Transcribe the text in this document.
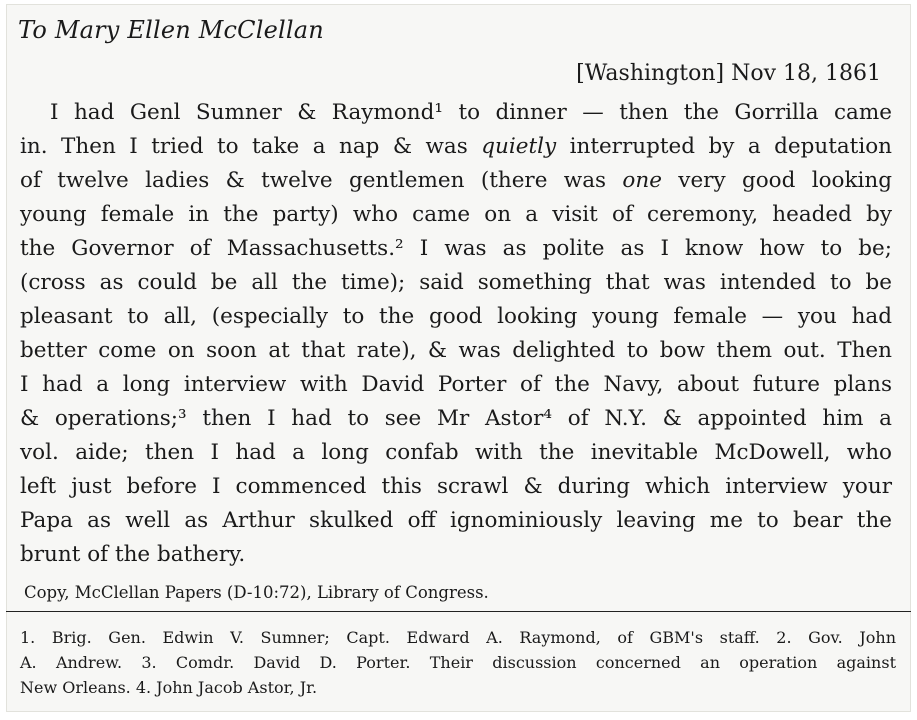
To Mary Ellen McClellan
[Washington] Nov 18, 1861
I had Genl Sumner & Raymond¹ to dinner — then the Gorrilla came
in. Then I tried to take a nap & was quietly interrupted by a deputation
of twelve ladies & twelve gentlemen (there was one very good looking
young female in the party) who came on a visit of ceremony, headed by
the Governor of Massachusetts.² I was as polite as I know how to be;
(cross as could be all the time); said something that was intended to be
pleasant to all, (especially to the good looking young female — you had
better come on soon at that rate), & was delighted to bow them out. Then
I had a long interview with David Porter of the Navy, about future plans
& operations;³ then I had to see Mr Astor⁴ of N.Y. & appointed him a
vol. aide; then I had a long confab with the inevitable McDowell, who
left just before I commenced this scrawl & during which interview your
Papa as well as Arthur skulked off ignominiously leaving me to bear the
brunt of the bathery.
Copy, McClellan Papers (D-10:72), Library of Congress.
1. Brig. Gen. Edwin V. Sumner; Capt. Edward A. Raymond, of GBM's staff. 2. Gov. John
A. Andrew. 3. Comdr. David D. Porter. Their discussion concerned an operation against
New Orleans. 4. John Jacob Astor, Jr.
